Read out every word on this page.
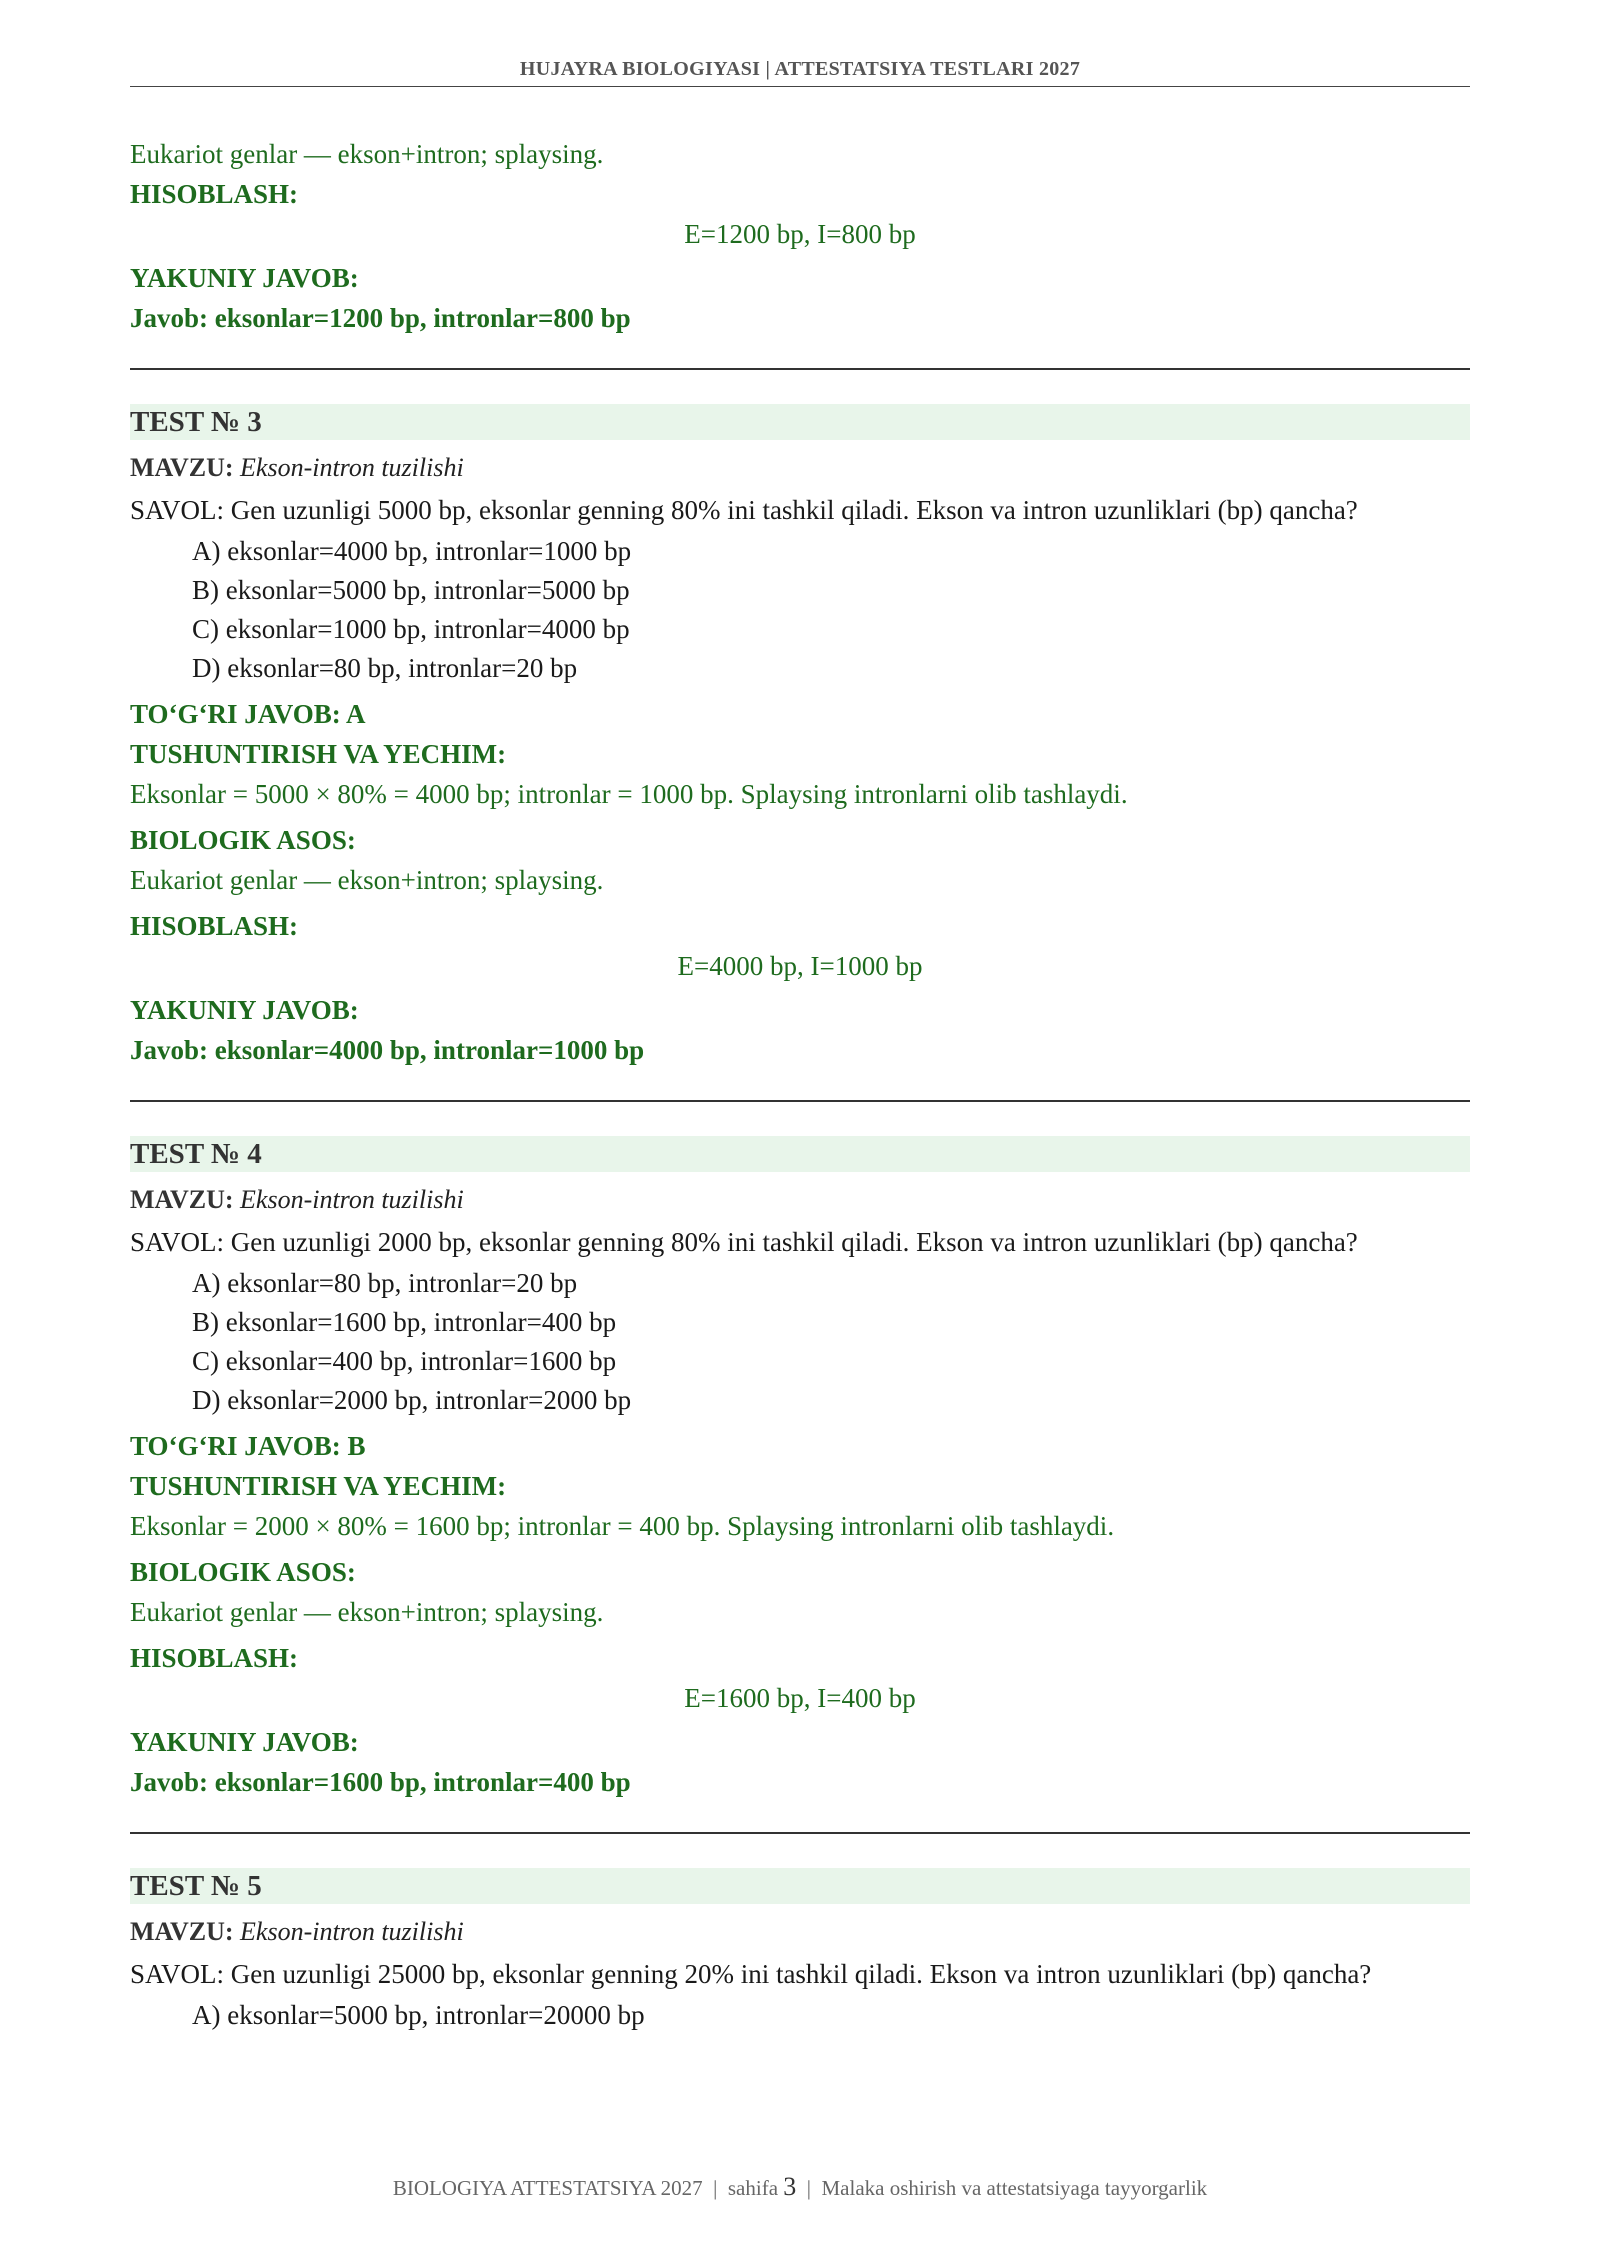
HUJAYRA BIOLOGIYASI | ATTESTATSIYA TESTLARI 2027
Eukariot genlar — ekson+intron; splaysing.
HISOBLASH:
E=1200 bp, I=800 bp
YAKUNIY JAVOB:
Javob: eksonlar=1200 bp, intronlar=800 bp
TEST № 3
MAVZU: Ekson-intron tuzilishi
SAVOL: Gen uzunligi 5000 bp, eksonlar genning 80% ini tashkil qiladi. Ekson va intron uzunliklari (bp) qancha?
A) eksonlar=4000 bp, intronlar=1000 bp
B) eksonlar=5000 bp, intronlar=5000 bp
C) eksonlar=1000 bp, intronlar=4000 bp
D) eksonlar=80 bp, intronlar=20 bp
TO‘G‘RI JAVOB: A
TUSHUNTIRISH VA YECHIM:
Eksonlar = 5000 × 80% = 4000 bp; intronlar = 1000 bp. Splaysing intronlarni olib tashlaydi.
BIOLOGIK ASOS:
Eukariot genlar — ekson+intron; splaysing.
HISOBLASH:
E=4000 bp, I=1000 bp
YAKUNIY JAVOB:
Javob: eksonlar=4000 bp, intronlar=1000 bp
TEST № 4
MAVZU: Ekson-intron tuzilishi
SAVOL: Gen uzunligi 2000 bp, eksonlar genning 80% ini tashkil qiladi. Ekson va intron uzunliklari (bp) qancha?
A) eksonlar=80 bp, intronlar=20 bp
B) eksonlar=1600 bp, intronlar=400 bp
C) eksonlar=400 bp, intronlar=1600 bp
D) eksonlar=2000 bp, intronlar=2000 bp
TO‘G‘RI JAVOB: B
TUSHUNTIRISH VA YECHIM:
Eksonlar = 2000 × 80% = 1600 bp; intronlar = 400 bp. Splaysing intronlarni olib tashlaydi.
BIOLOGIK ASOS:
Eukariot genlar — ekson+intron; splaysing.
HISOBLASH:
E=1600 bp, I=400 bp
YAKUNIY JAVOB:
Javob: eksonlar=1600 bp, intronlar=400 bp
TEST № 5
MAVZU: Ekson-intron tuzilishi
SAVOL: Gen uzunligi 25000 bp, eksonlar genning 20% ini tashkil qiladi. Ekson va intron uzunliklari (bp) qancha?
A) eksonlar=5000 bp, intronlar=20000 bp
BIOLOGIYA ATTESTATSIYA 2027 | sahifa 3 | Malaka oshirish va attestatsiyaga tayyorgarlik
